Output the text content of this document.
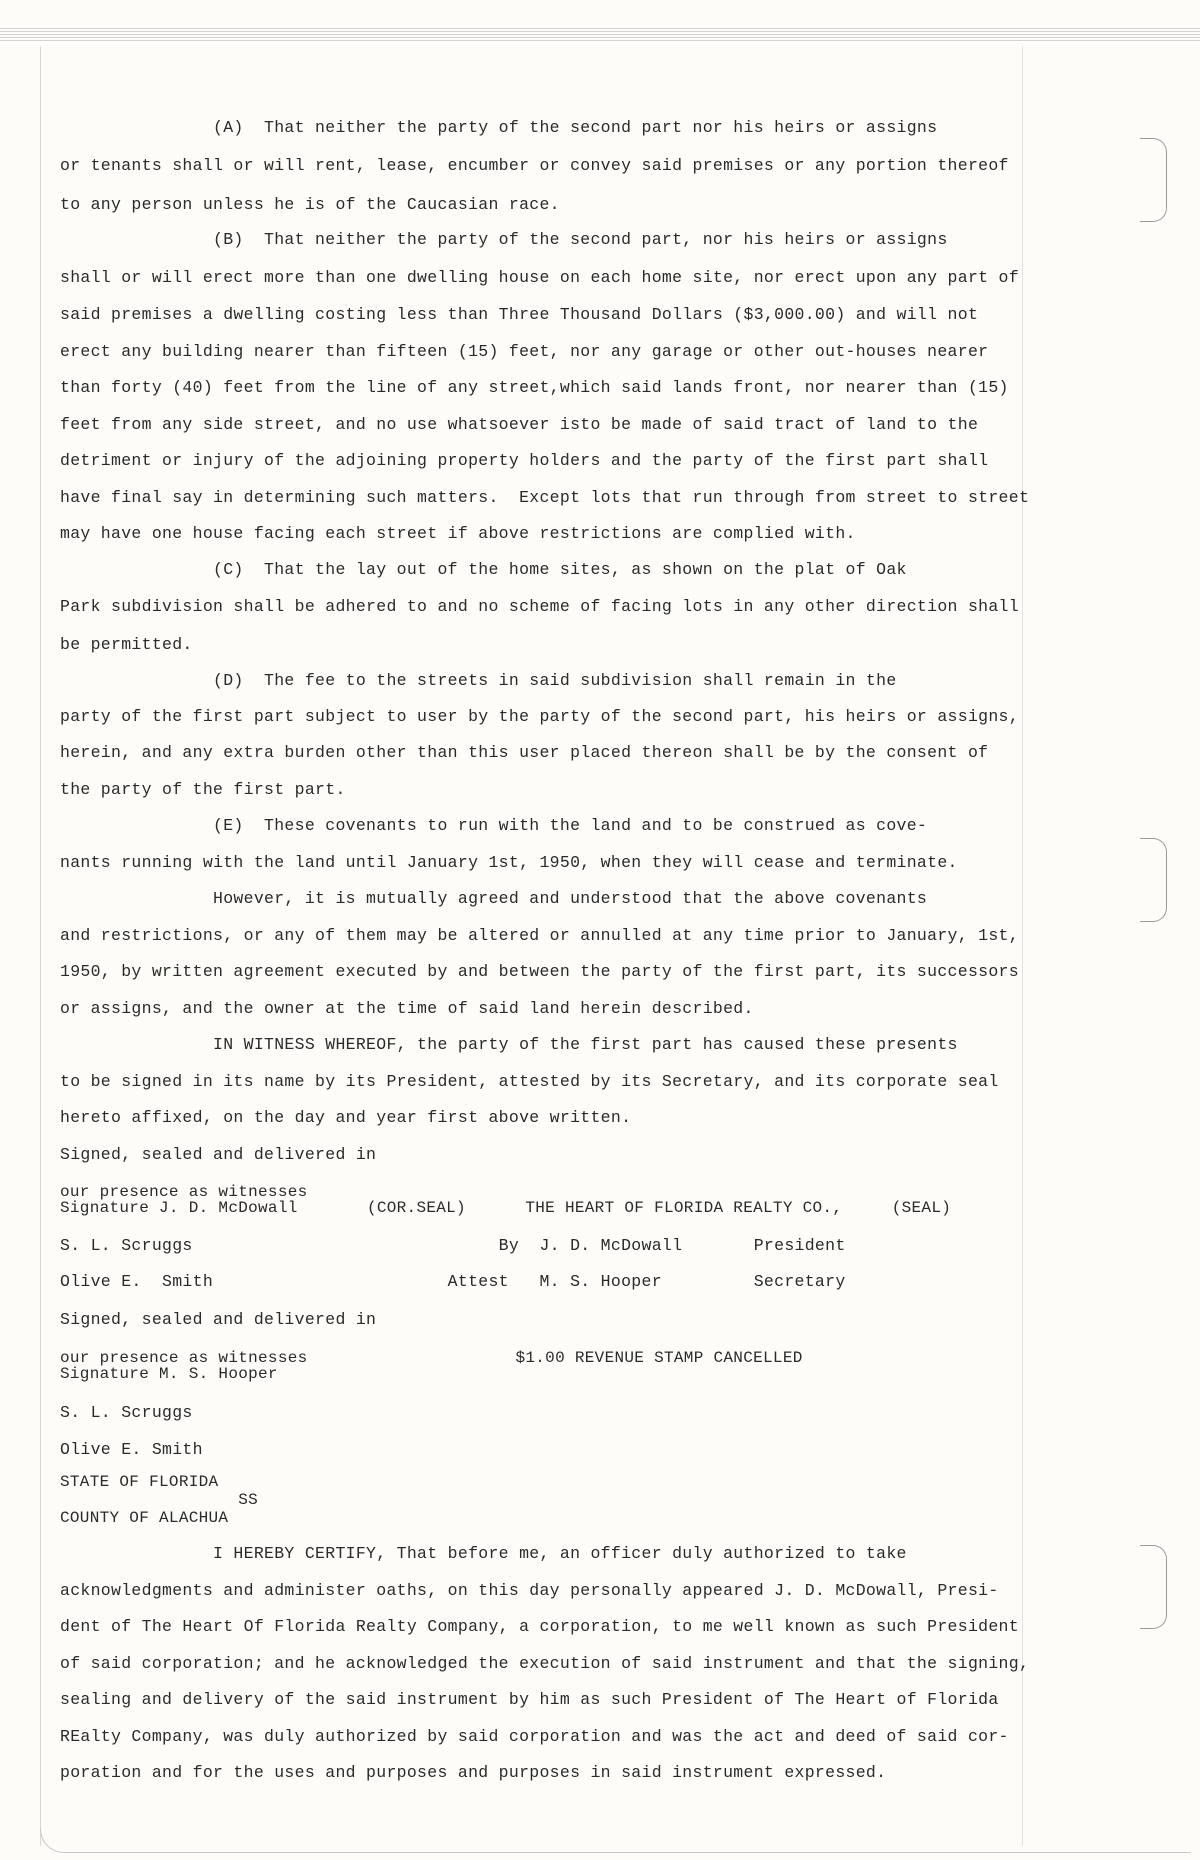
(A)  That neither the party of the second part nor his heirs or assigns
or tenants shall or will rent, lease, encumber or convey said premises or any portion thereof
to any person unless he is of the Caucasian race.
(B)  That neither the party of the second part, nor his heirs or assigns
shall or will erect more than one dwelling house on each home site, nor erect upon any part of
said premises a dwelling costing less than Three Thousand Dollars ($3,000.00) and will not
erect any building nearer than fifteen (15) feet, nor any garage or other out-houses nearer
than forty (40) feet from the line of any street,which said lands front, nor nearer than (15)
feet from any side street, and no use whatsoever isto be made of said tract of land to the
detriment or injury of the adjoining property holders and the party of the first part shall
have final say in determining such matters.  Except lots that run through from street to street
may have one house facing each street if above restrictions are complied with.
(C)  That the lay out of the home sites, as shown on the plat of Oak
Park subdivision shall be adhered to and no scheme of facing lots in any other direction shall
be permitted.
(D)  The fee to the streets in said subdivision shall remain in the
party of the first part subject to user by the party of the second part, his heirs or assigns,
herein, and any extra burden other than this user placed thereon shall be by the consent of
the party of the first part.
(E)  These covenants to run with the land and to be construed as cove-
nants running with the land until January 1st, 1950, when they will cease and terminate.
However, it is mutually agreed and understood that the above covenants
and restrictions, or any of them may be altered or annulled at any time prior to January, 1st,
1950, by written agreement executed by and between the party of the first part, its successors
or assigns, and the owner at the time of said land herein described.
IN WITNESS WHEREOF, the party of the first part has caused these presents
to be signed in its name by its President, attested by its Secretary, and its corporate seal
hereto affixed, on the day and year first above written.
Signed, sealed and delivered in
our presence as witnesses
Signature J. D. McDowall       (COR.SEAL)      THE HEART OF FLORIDA REALTY CO.,     (SEAL)
S. L. Scruggs                              By  J. D. McDowall       President
Olive E.  Smith                       Attest   M. S. Hooper         Secretary
Signed, sealed and delivered in
our presence as witnesses                     $1.00 REVENUE STAMP CANCELLED
Signature M. S. Hooper
S. L. Scruggs
Olive E. Smith
STATE OF FLORIDA
SS
COUNTY OF ALACHUA
I HEREBY CERTIFY, That before me, an officer duly authorized to take
acknowledgments and administer oaths, on this day personally appeared J. D. McDowall, Presi-
dent of The Heart Of Florida Realty Company, a corporation, to me well known as such President
of said corporation; and he acknowledged the execution of said instrument and that the signing,
sealing and delivery of the said instrument by him as such President of The Heart of Florida
REalty Company, was duly authorized by said corporation and was the act and deed of said cor-
poration and for the uses and purposes and purposes in said instrument expressed.
